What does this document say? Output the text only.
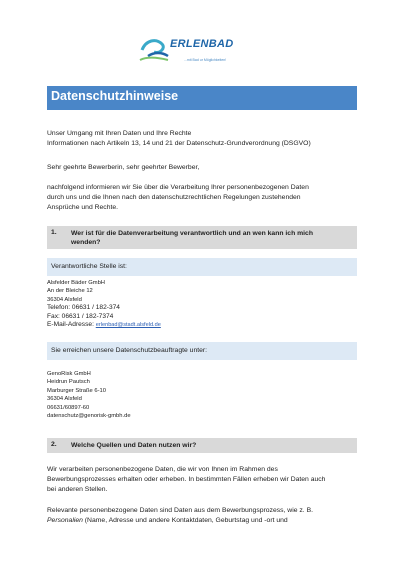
ERLENBAD
...mit Bad ur Möglichkeiten!
Datenschutzhinweise
Unser Umgang mit Ihren Daten und Ihre Rechte
Informationen nach Artikeln 13, 14 und 21 der Datenschutz-Grundverordnung (DSGVO)
Sehr geehrte Bewerberin, sehr geehrter Bewerber,
nachfolgend informieren wir Sie über die Verarbeitung Ihrer personenbezogenen Daten
durch uns und die Ihnen nach den datenschutzrechtlichen Regelungen zustehenden
Ansprüche und Rechte.
1. Wer ist für die Datenverarbeitung verantwortlich und an wen kann ich mich
wenden?
Verantwortliche Stelle ist:
Alsfelder Bäder GmbH
An der Bleiche 12
36304 Alsfeld
Telefon: 06631 / 182-374
Fax: 06631 / 182-7374
E-Mail-Adresse: erlenbad@stadt.alsfeld.de
Sie erreichen unsere Datenschutzbeauftragte unter:
GenoRisk GmbH
Heidrun Pautsch
Marburger Straße 6-10
36304 Alsfeld
06631/60897-60
datenschutz@genorisk-gmbh.de
2. Welche Quellen und Daten nutzen wir?
Wir verarbeiten personenbezogene Daten, die wir von Ihnen im Rahmen des
Bewerbungsprozesses erhalten oder erheben. In bestimmten Fällen erheben wir Daten auch
bei anderen Stellen.
Relevante personenbezogene Daten sind Daten aus dem Bewerbungsprozess, wie z. B.
Personalien (Name, Adresse und andere Kontaktdaten, Geburtstag und -ort und
